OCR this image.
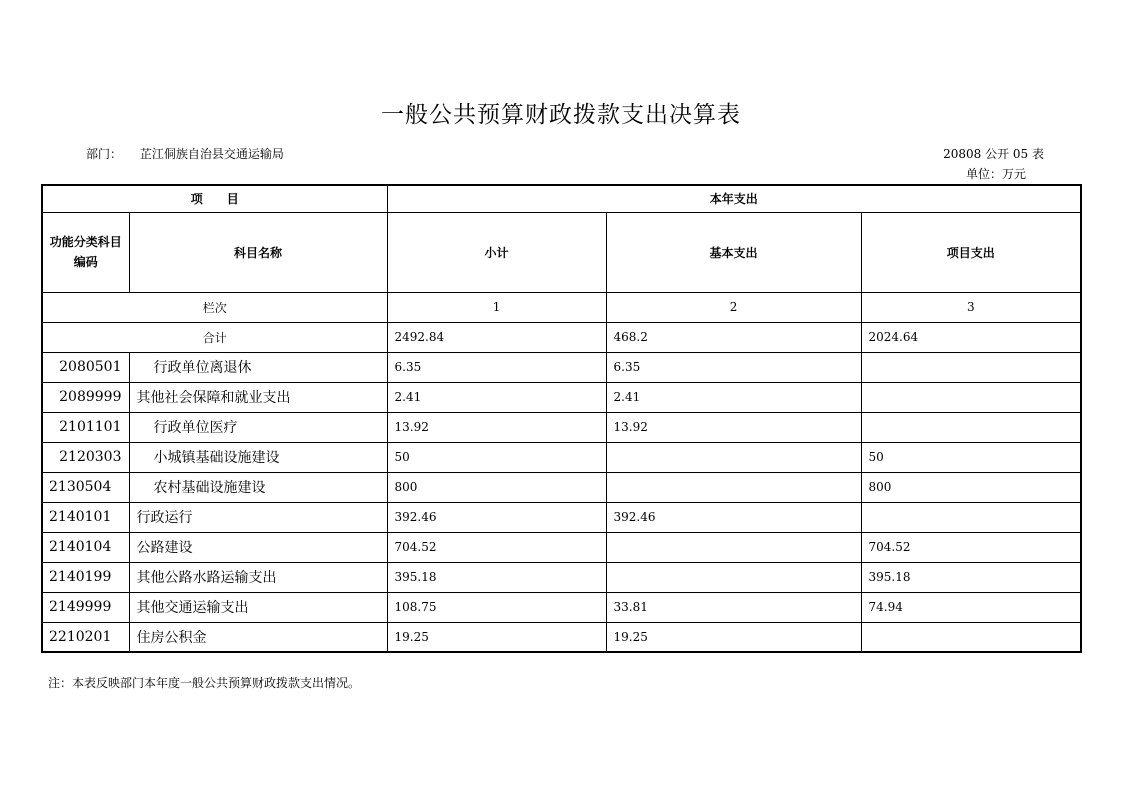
一般公共预算财政拨款支出决算表
部门： 芷江侗族自治县交通运输局	20808 公开 05 表
单位：万元
项　　目		本年支出		
功能分类科目编码	科目名称	小计	基本支出	项目支出
栏次		1	2	3
合计		2492.84	468.2	2024.64
2080501	行政单位离退休	6.35	6.35	
2089999	其他社会保障和就业支出	2.41	2.41	
2101101	行政单位医疗	13.92	13.92	
2120303	小城镇基础设施建设	50		50
2130504	农村基础设施建设	800		800
2140101	行政运行	392.46	392.46	
2140104	公路建设	704.52		704.52
2140199	其他公路水路运输支出	395.18		395.18
2149999	其他交通运输支出	108.75	33.81	74.94
2210201	住房公积金	19.25	19.25	
注：本表反映部门本年度一般公共预算财政拨款支出情况。
